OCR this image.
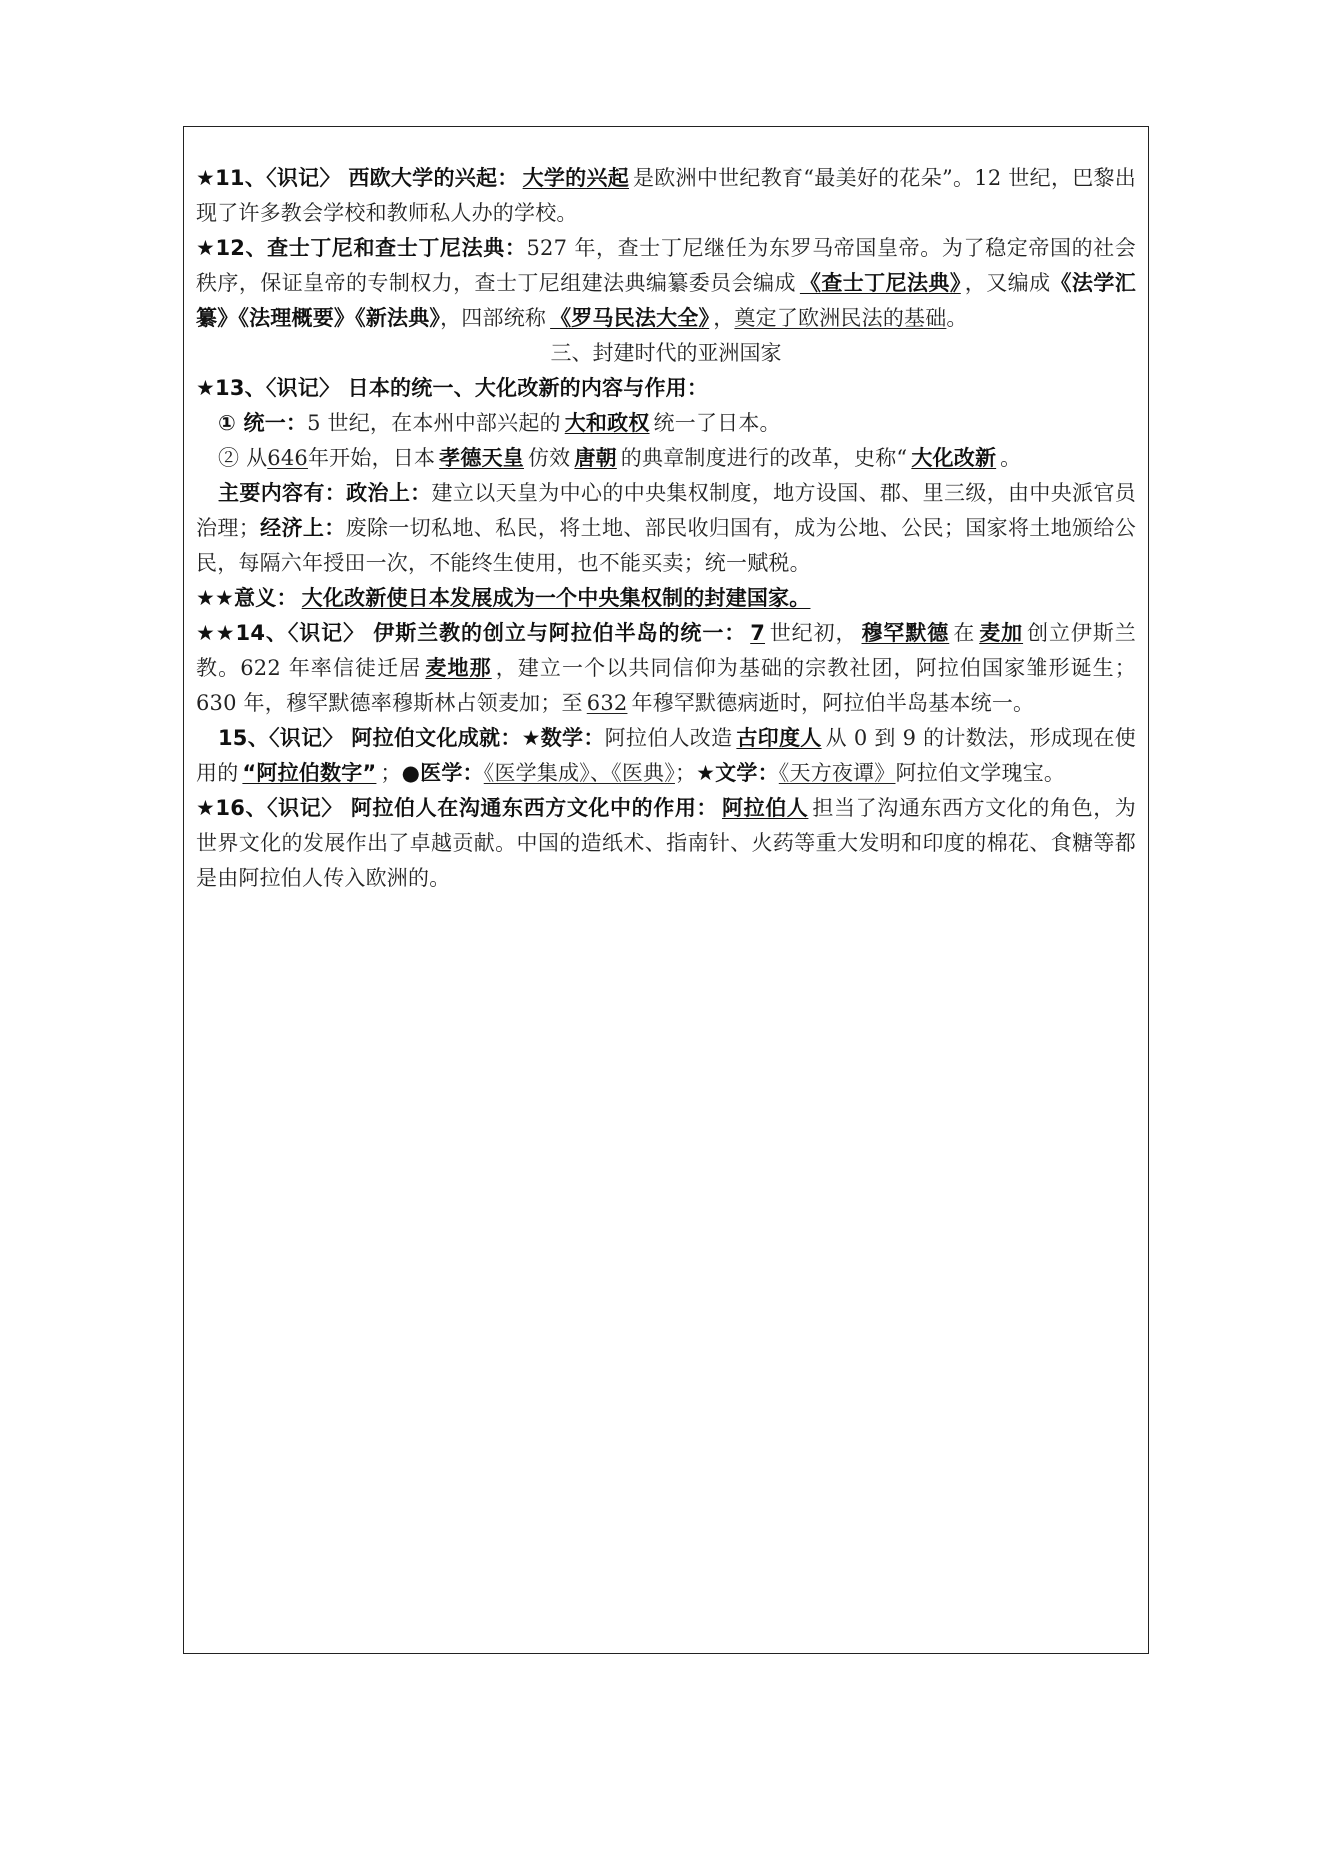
★11、〈识记〉 西欧大学的兴起： 大学的兴起 是欧洲中世纪教育“最美好的花朵”。12 世纪，巴黎出现了许多教会学校和教师私人办的学校。

★12、查士丁尼和查士丁尼法典：527 年，查士丁尼继任为东罗马帝国皇帝。为了稳定帝国的社会秩序，保证皇帝的专制权力，查士丁尼组建法典编纂委员会编成 《查士丁尼法典》 ，又编成《法学汇纂》《法理概要》《新法典》，四部统称 《罗马民法大全》 ，奠定了欧洲民法的基础。

三、封建时代的亚洲国家

★13、〈识记〉 日本的统一、大化改新的内容与作用：

① 统一：5 世纪，在本州中部兴起的 大和政权 统一了日本。

② 从646年开始，日本 孝德天皇 仿效 唐朝 的典章制度进行的改革，史称“ 大化改新 。

主要内容有：政治上：建立以天皇为中心的中央集权制度，地方设国、郡、里三级，由中央派官员治理；经济上：废除一切私地、私民，将土地、部民收归国有，成为公地、公民；国家将土地颁给公民，每隔六年授田一次，不能终生使用，也不能买卖；统一赋税。

★★意义： 大化改新使日本发展成为一个中央集权制的封建国家。

★★14、〈识记〉 伊斯兰教的创立与阿拉伯半岛的统一： 7 世纪初， 穆罕默德 在 麦加 创立伊斯兰教。622 年率信徒迁居 麦地那 ，建立一个以共同信仰为基础的宗教社团，阿拉伯国家雏形诞生；630 年，穆罕默德率穆斯林占领麦加；至 632 年穆罕默德病逝时，阿拉伯半岛基本统一。

15、〈识记〉 阿拉伯文化成就：★数学：阿拉伯人改造 古印度人 从 0 到 9 的计数法，形成现在使用的 “阿拉伯数字” ；●医学：《医学集成》、《医典》；★文学：《天方夜谭》阿拉伯文学瑰宝。

★16、〈识记〉 阿拉伯人在沟通东西方文化中的作用： 阿拉伯人 担当了沟通东西方文化的角色，为世界文化的发展作出了卓越贡献。中国的造纸术、指南针、火药等重大发明和印度的棉花、食糖等都是由阿拉伯人传入欧洲的。
